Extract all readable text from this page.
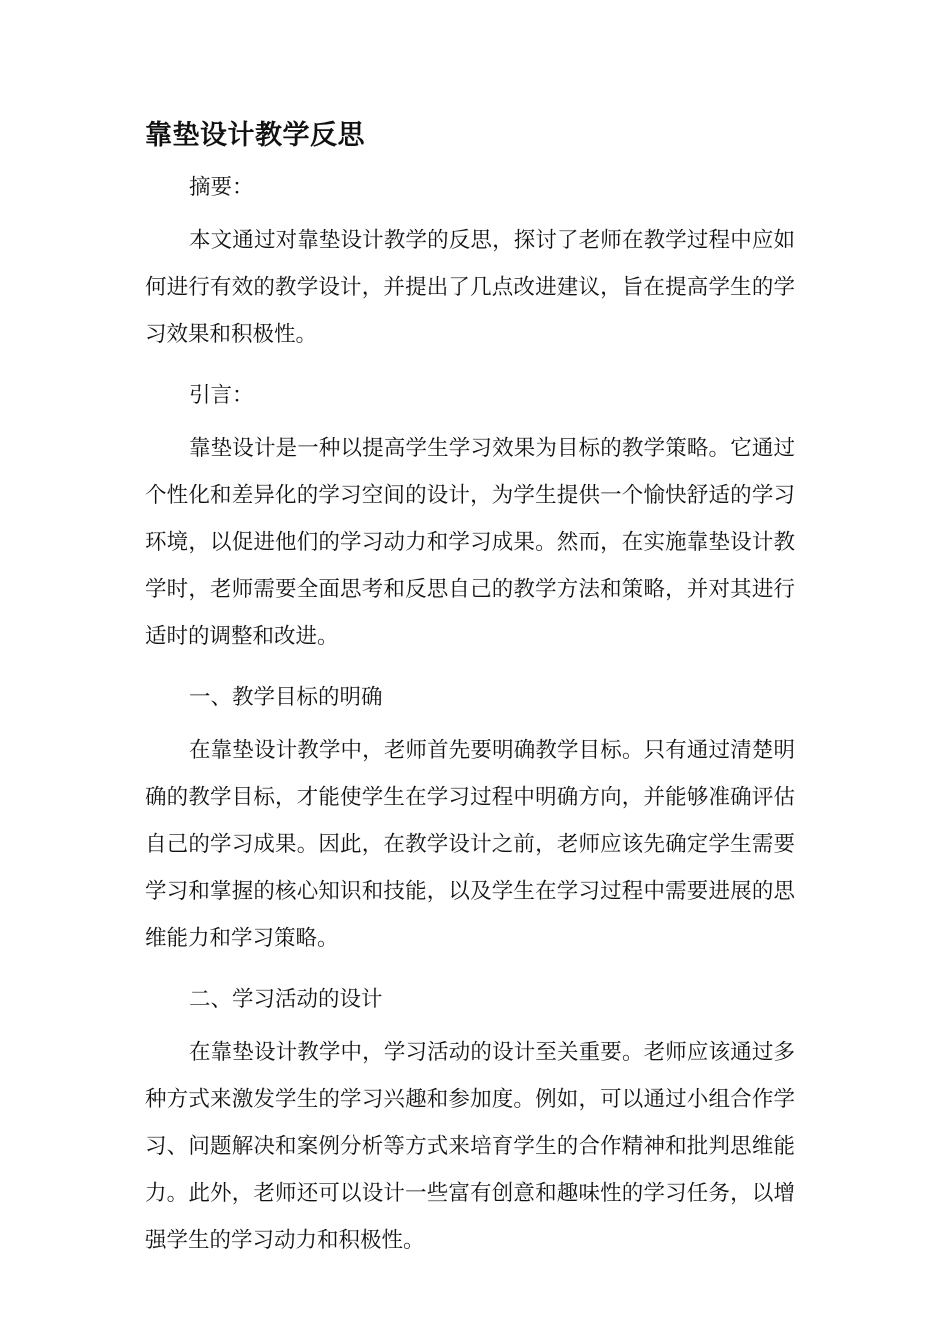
靠垫设计教学反思

摘要：

本文通过对靠垫设计教学的反思，探讨了老师在教学过程中应如何进行有效的教学设计，并提出了几点改进建议，旨在提高学生的学习效果和积极性。

引言：

靠垫设计是一种以提高学生学习效果为目标的教学策略。它通过个性化和差异化的学习空间的设计，为学生提供一个愉快舒适的学习环境，以促进他们的学习动力和学习成果。然而，在实施靠垫设计教学时，老师需要全面思考和反思自己的教学方法和策略，并对其进行适时的调整和改进。

一、教学目标的明确

在靠垫设计教学中，老师首先要明确教学目标。只有通过清楚明确的教学目标，才能使学生在学习过程中明确方向，并能够准确评估自己的学习成果。因此，在教学设计之前，老师应该先确定学生需要学习和掌握的核心知识和技能，以及学生在学习过程中需要进展的思维能力和学习策略。

二、学习活动的设计

在靠垫设计教学中，学习活动的设计至关重要。老师应该通过多种方式来激发学生的学习兴趣和参加度。例如，可以通过小组合作学习、问题解决和案例分析等方式来培育学生的合作精神和批判思维能力。此外，老师还可以设计一些富有创意和趣味性的学习任务，以增强学生的学习动力和积极性。
